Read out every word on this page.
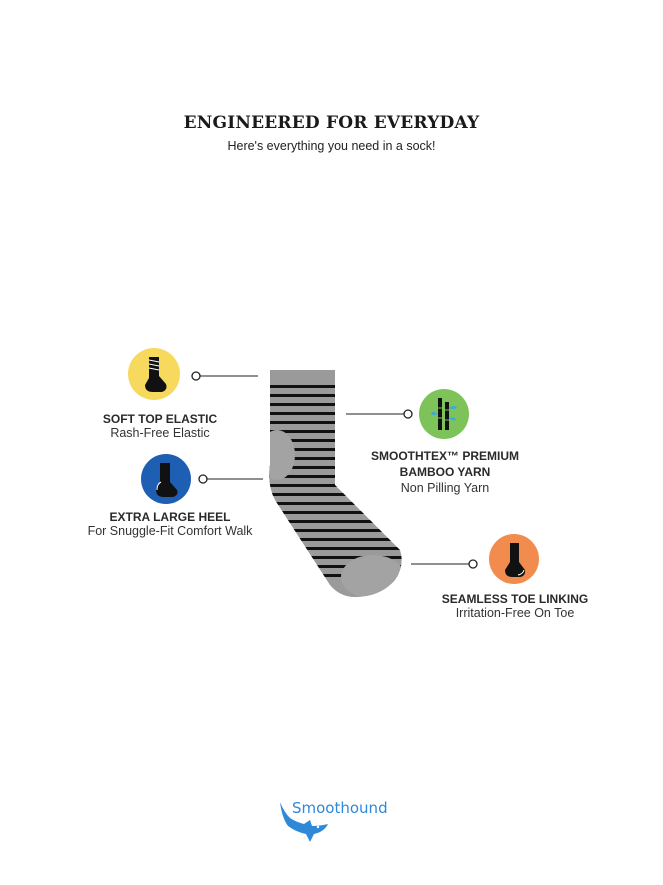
ENGINEERED FOR EVERYDAY
Here's everything you need in a sock!
SOFT TOP ELASTIC
Rash-Free Elastic
EXTRA LARGE HEEL
For Snuggle-Fit Comfort Walk
SMOOTHTEX™ PREMIUM
BAMBOO YARN
Non Pilling Yarn
SEAMLESS TOE LINKING
Irritation-Free On Toe
Smoothound
